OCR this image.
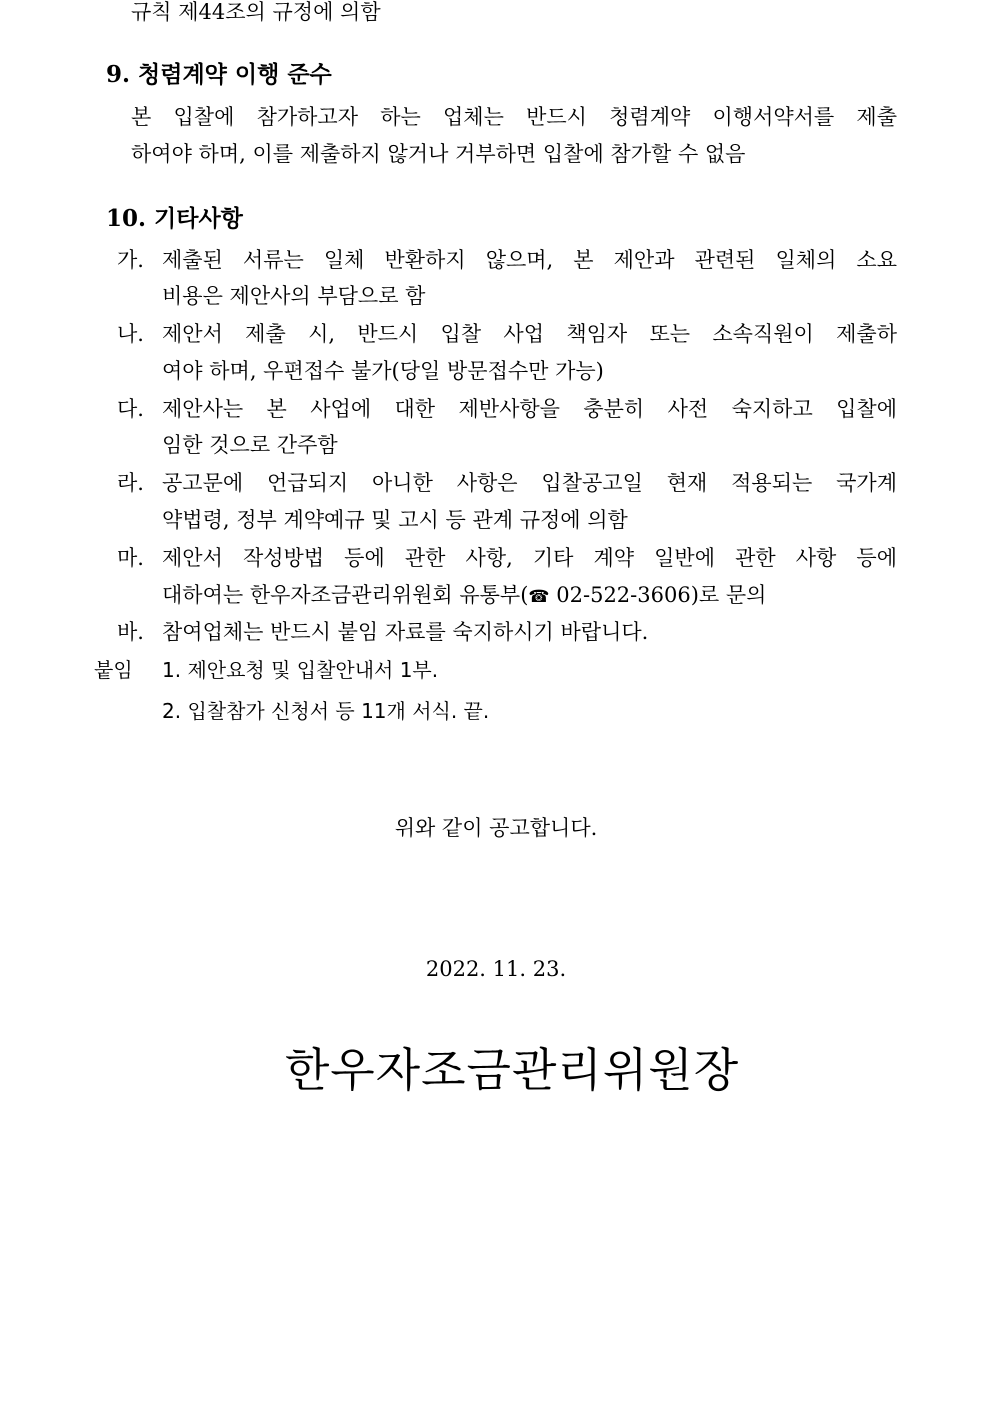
규칙 제44조의 규정에 의함
9. 청렴계약 이행 준수
본 입찰에 참가하고자 하는 업체는 반드시 청렴계약 이행서약서를 제출
하여야 하며, 이를 제출하지 않거나 거부하면 입찰에 참가할 수 없음
10. 기타사항
가. 제출된 서류는 일체 반환하지 않으며, 본 제안과 관련된 일체의 소요
비용은 제안사의 부담으로 함
나. 제안서 제출 시, 반드시 입찰 사업 책임자 또는 소속직원이 제출하
여야 하며, 우편접수 불가(당일 방문접수만 가능)
다. 제안사는 본 사업에 대한 제반사항을 충분히 사전 숙지하고 입찰에
임한 것으로 간주함
라. 공고문에 언급되지 아니한 사항은 입찰공고일 현재 적용되는 국가계
약법령, 정부 계약예규 및 고시 등 관계 규정에 의함
마. 제안서 작성방법 등에 관한 사항, 기타 계약 일반에 관한 사항 등에
대하여는 한우자조금관리위원회 유통부(☎ 02-522-3606)로 문의
바. 참여업체는 반드시 붙임 자료를 숙지하시기 바랍니다.
붙임 1. 제안요청 및 입찰안내서 1부.
2. 입찰참가 신청서 등 11개 서식. 끝.
위와 같이 공고합니다.
2022. 11. 23.
한우자조금관리위원장
